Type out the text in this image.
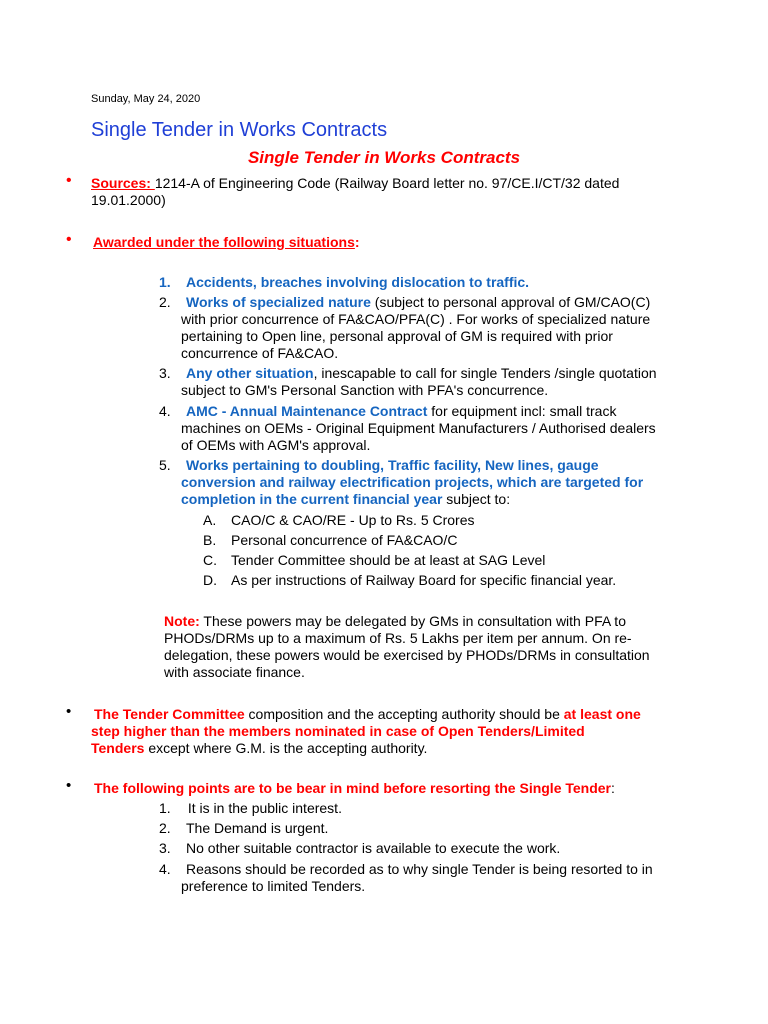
Sunday, May 24, 2020
Single Tender in Works Contracts
Single Tender in Works Contracts
• Sources: 1214-A of Engineering Code (Railway Board letter no. 97/CE.I/CT/32 dated
19.01.2000)
• Awarded under the following situations:
1. Accidents, breaches involving dislocation to traffic.
2.	Works of specialized nature (subject to personal approval of GM/CAO(C)
with prior concurrence of FA&CAO/PFA(C) . For works of specialized nature
pertaining to Open line, personal approval of GM is required with prior
concurrence of FA&CAO.
3.	Any other situation, inescapable to call for single Tenders /single quotation
subject to GM's Personal Sanction with PFA's concurrence.
4.	AMC - Annual Maintenance Contract for equipment incl: small track
machines on OEMs - Original Equipment Manufacturers / Authorised dealers
of OEMs with AGM's approval.
5.	Works pertaining to doubling, Traffic facility, New lines, gauge
conversion and railway electrification projects, which are targeted for
completion in the current financial year subject to:
A. CAO/C & CAO/RE - Up to Rs. 5 Crores
B. Personal concurrence of FA&CAO/C
C. Tender Committee should be at least at SAG Level
D. As per instructions of Railway Board for specific financial year.
Note: These powers may be delegated by GMs in consultation with PFA to
PHODs/DRMs up to a maximum of Rs. 5 Lakhs per item per annum. On re-
delegation, these powers would be exercised by PHODs/DRMs in consultation
with associate finance.
• The Tender Committee composition and the accepting authority should be at least one
step higher than the members nominated in case of Open Tenders/Limited
Tenders except where G.M. is the accepting authority.
• The following points are to be bear in mind before resorting the Single Tender:
1. It is in the public interest.
2. The Demand is urgent.
3. No other suitable contractor is available to execute the work.
4.	Reasons should be recorded as to why single Tender is being resorted to in
preference to limited Tenders.
